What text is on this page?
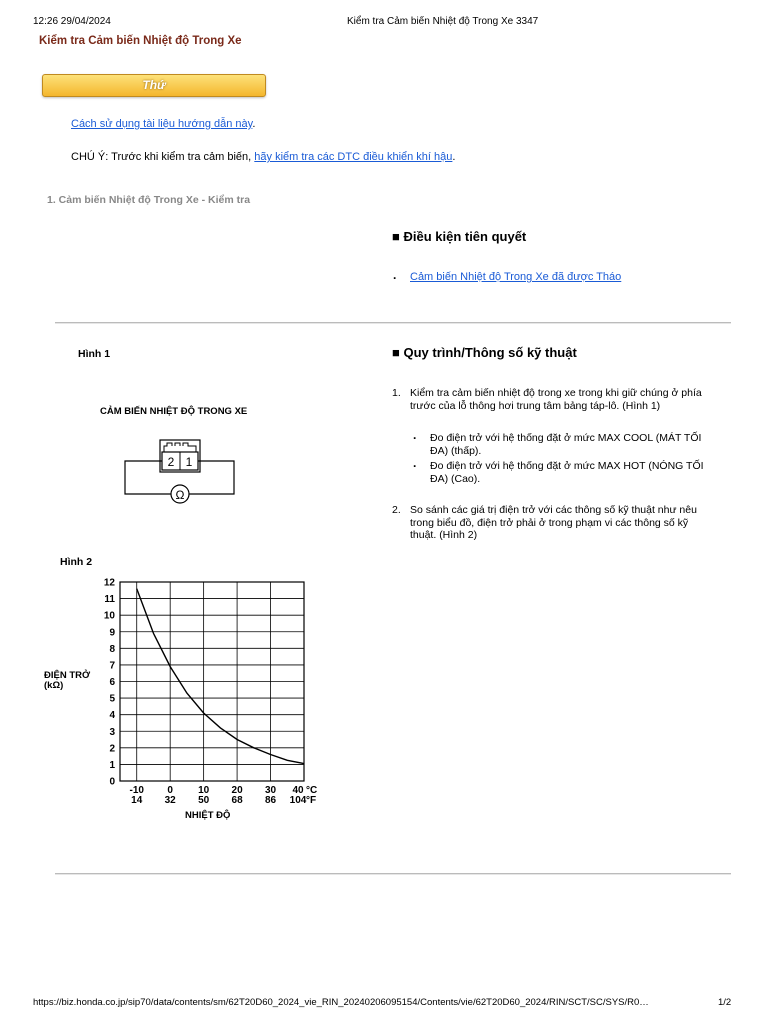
12:26 29/04/2024	Kiểm tra Cảm biến Nhiệt độ Trong Xe 3347
Kiểm tra Cảm biến Nhiệt độ Trong Xe
Thứ
Cách sử dụng tài liệu hướng dẫn này.
CHÚ Ý: Trước khi kiểm tra cảm biến, hãy kiểm tra các DTC điều khiển khí hậu.
1. Cảm biến Nhiệt độ Trong Xe - Kiểm tra
■ Điều kiện tiên quyết
. Cảm biến Nhiệt độ Trong Xe đã được Tháo
Hình 1
CẢM BIẾN NHIỆT ĐỘ TRONG XE
2 1
Ω
Hình 2
0
1
2
3
4
5
6
7
8
9
10
11
12
-10
14
0
32
10
50
20
68
30
86
40
104
°C
°F
ĐIỆN TRỞ
(kΩ)
NHIỆT ĐỘ
■ Quy trình/Thông số kỹ thuật
1. Kiểm tra cảm biến nhiệt độ trong xe trong khi giữ chúng ở phía trước của lỗ thông hơi trung tâm bảng táp-lô. (Hình 1)
. Đo điện trở với hệ thống đặt ở mức MAX COOL (MÁT TỐI ĐA) (thấp).
. Đo điện trở với hệ thống đặt ở mức MAX HOT (NÓNG TỐI ĐA) (Cao).
2. So sánh các giá trị điện trở với các thông số kỹ thuật như nêu trong biểu đồ, điện trở phải ở trong phạm vi các thông số kỹ thuật. (Hình 2)
https://biz.honda.co.jp/sip70/data/contents/sm/62T20D60_2024_vie_RIN_20240206095154/Contents/vie/62T20D60_2024/RIN/SCT/SC/SYS/R0…	1/2
